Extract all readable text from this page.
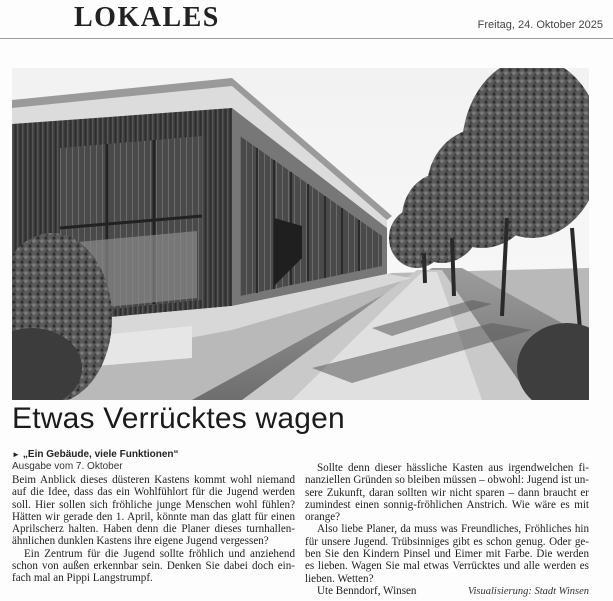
LOKALES	Freitag, 24. Oktober 2025
Etwas Verrücktes wagen
► „Ein Gebäude, viele Funktionen“
Ausgabe vom 7. Oktober

Beim Anblick dieses düsteren Kastens kommt wohl niemand auf die Idee, dass das ein Wohlfühlort für die Jugend werden soll. Hier sollen sich fröhliche junge Menschen wohl fühlen? Hätten wir gerade den 1. April, könnte man das glatt für einen Aprilscherz halten. Haben denn die Planer dieses turnhallenähnlichen dunklen Kastens ihre eigene Jugend vergessen?

Ein Zentrum für die Jugend sollte fröhlich und anziehend schon von außen erkennbar sein. Denken Sie dabei doch einfach mal an Pippi Langstrumpf.

Sollte denn dieser hässliche Kasten aus irgendwelchen finanziellen Gründen so bleiben müssen – obwohl: Jugend ist unsere Zukunft, daran sollten wir nicht sparen – dann braucht er zumindest einen sonnig-fröhlichen Anstrich. Wie wäre es mit orange?

Also liebe Planer, da muss was Freundliches, Fröhliches hin für unsere Jugend. Trübsinniges gibt es schon genug. Oder geben Sie den Kindern Pinsel und Eimer mit Farbe. Die werden es lieben. Wagen Sie mal etwas Verrücktes und alle werden es lieben. Wetten?

Ute Benndorf, Winsen	Visualisierung: Stadt Winsen
